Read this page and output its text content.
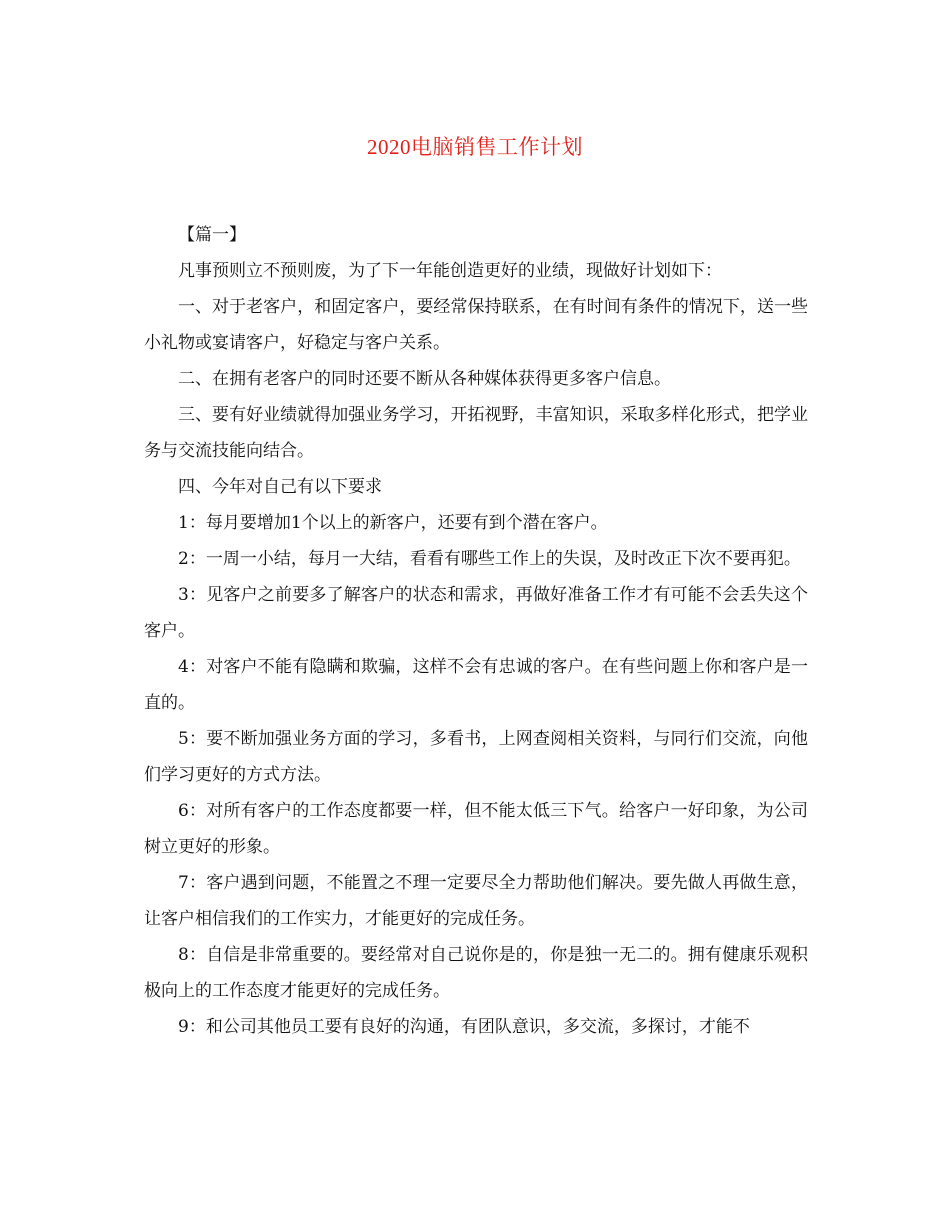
2020电脑销售工作计划

【篇一】

凡事预则立不预则废，为了下一年能创造更好的业绩，现做好计划如下：

一、对于老客户，和固定客户，要经常保持联系，在有时间有条件的情况下，送一些小礼物或宴请客户，好稳定与客户关系。

二、在拥有老客户的同时还要不断从各种媒体获得更多客户信息。

三、要有好业绩就得加强业务学习，开拓视野，丰富知识，采取多样化形式，把学业务与交流技能向结合。

四、今年对自己有以下要求

1：每月要增加1个以上的新客户，还要有到个潜在客户。

2：一周一小结，每月一大结，看看有哪些工作上的失误，及时改正下次不要再犯。

3：见客户之前要多了解客户的状态和需求，再做好准备工作才有可能不会丢失这个客户。

4：对客户不能有隐瞒和欺骗，这样不会有忠诚的客户。在有些问题上你和客户是一直的。

5：要不断加强业务方面的学习，多看书，上网查阅相关资料，与同行们交流，向他们学习更好的方式方法。

6：对所有客户的工作态度都要一样，但不能太低三下气。给客户一好印象，为公司树立更好的形象。

7：客户遇到问题，不能置之不理一定要尽全力帮助他们解决。要先做人再做生意，让客户相信我们的工作实力，才能更好的完成任务。

8：自信是非常重要的。要经常对自己说你是的，你是独一无二的。拥有健康乐观积极向上的工作态度才能更好的完成任务。

9：和公司其他员工要有良好的沟通，有团队意识，多交流，多探讨，才能不
